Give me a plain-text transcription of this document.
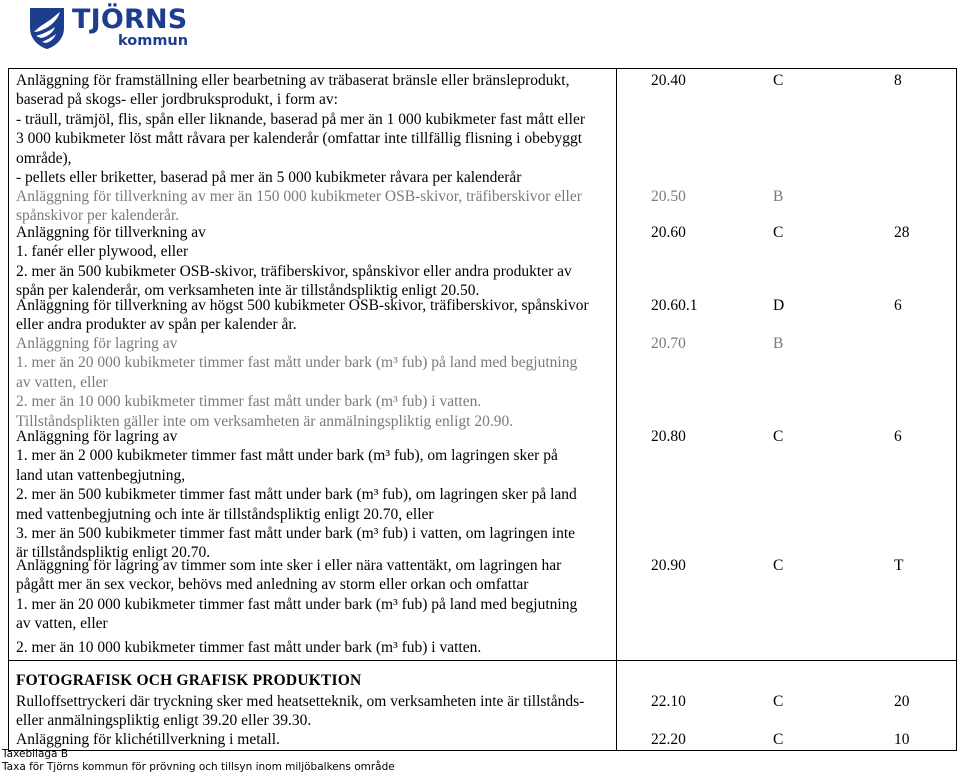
TJÖRNS
kommun
Anläggning för framställning eller bearbetning av träbaserat bränsle eller bränsleprodukt,
baserad på skogs- eller jordbruksprodukt, i form av:
- träull, trämjöl, flis, spån eller liknande, baserad på mer än 1 000 kubikmeter fast mått eller
3 000 kubikmeter löst mått råvara per kalenderår (omfattar inte tillfällig flisning i obebyggt
område),
- pellets eller briketter, baserad på mer än 5 000 kubikmeter råvara per kalenderår
20.40	C	8
Anläggning för tillverkning av mer än 150 000 kubikmeter OSB-skivor, träfiberskivor eller
spånskivor per kalenderår.
20.50	B
Anläggning för tillverkning av
1. fanér eller plywood, eller
2. mer än 500 kubikmeter OSB-skivor, träfiberskivor, spånskivor eller andra produkter av
spån per kalenderår, om verksamheten inte är tillståndspliktig enligt 20.50.
20.60	C	28
Anläggning för tillverkning av högst 500 kubikmeter OSB-skivor, träfiberskivor, spånskivor
eller andra produkter av spån per kalender år.
20.60.1	D	6
Anläggning för lagring av
1. mer än 20 000 kubikmeter timmer fast mått under bark (m³ fub) på land med begjutning
av vatten, eller
2. mer än 10 000 kubikmeter timmer fast mått under bark (m³ fub) i vatten.
Tillståndsplikten gäller inte om verksamheten är anmälningspliktig enligt 20.90.
20.70	B
Anläggning för lagring av
1. mer än 2 000 kubikmeter timmer fast mått under bark (m³ fub), om lagringen sker på
land utan vattenbegjutning,
2. mer än 500 kubikmeter timmer fast mått under bark (m³ fub), om lagringen sker på land
med vattenbegjutning och inte är tillståndspliktig enligt 20.70, eller
3. mer än 500 kubikmeter timmer fast mått under bark (m³ fub) i vatten, om lagringen inte
är tillståndspliktig enligt 20.70.
20.80	C	6
Anläggning för lagring av timmer som inte sker i eller nära vattentäkt, om lagringen har
pågått mer än sex veckor, behövs med anledning av storm eller orkan och omfattar
1. mer än 20 000 kubikmeter timmer fast mått under bark (m³ fub) på land med begjutning
av vatten, eller
2. mer än 10 000 kubikmeter timmer fast mått under bark (m³ fub) i vatten.
20.90	C	T
FOTOGRAFISK OCH GRAFISK PRODUKTION
Rulloffsettryckeri där tryckning sker med heatsetteknik, om verksamheten inte är tillstånds-
eller anmälningspliktig enligt 39.20 eller 39.30.
22.10	C	20
Anläggning för klichétillverkning i metall.	22.20	C	10
Taxebilaga B
Taxa för Tjörns kommun för prövning och tillsyn inom miljöbalkens område
